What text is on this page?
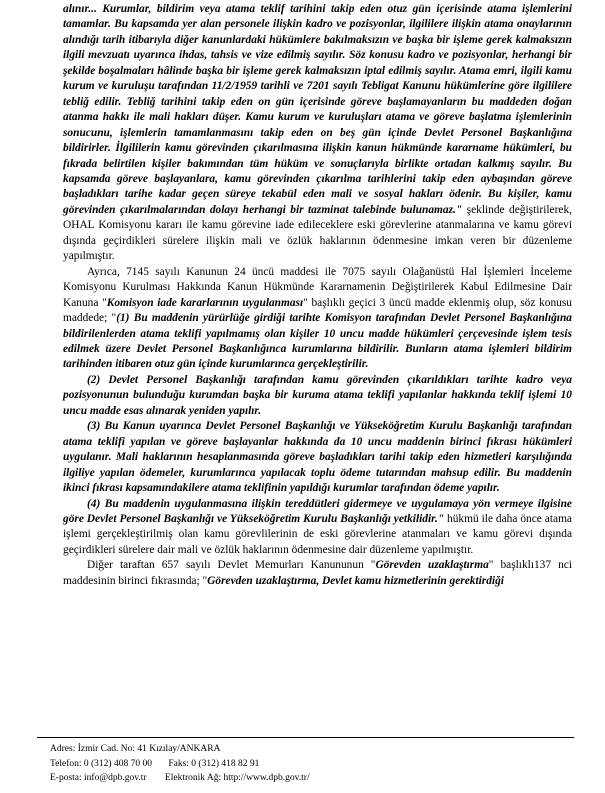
alınır... Kurumlar, bildirim veya atama teklif tarihini takip eden otuz gün içerisinde atama işlemlerini tamamlar. Bu kapsamda yer alan personele ilişkin kadro ve pozisyonlar, ilgililere ilişkin atama onaylarının alındığı tarih itibarıyla diğer kanunlardaki hükümlere bakılmaksızın ve başka bir işleme gerek kalmaksızın ilgili mevzuatı uyarınca ihdas, tahsis ve vize edilmiş sayılır. Söz konusu kadro ve pozisyonlar, herhangi bir şekilde boşalmaları hâlinde başka bir işleme gerek kalmaksızın iptal edilmiş sayılır. Atama emri, ilgili kamu kurum ve kuruluşu tarafından 11/2/1959 tarihli ve 7201 sayılı Tebligat Kanunu hükümlerine göre ilgililere tebliğ edilir. Tebliğ tarihini takip eden on gün içerisinde göreve başlamayanların bu maddeden doğan atanma hakkı ile mali hakları düşer. Kamu kurum ve kuruluşları atama ve göreve başlatma işlemlerinin sonucunu, işlemlerin tamamlanmasını takip eden on beş gün içinde Devlet Personel Başkanlığına bildirirler. İlgililerin kamu görevinden çıkarılmasına ilişkin kanun hükmünde kararname hükümleri, bu fıkrada belirtilen kişiler bakımından tüm hüküm ve sonuçlarıyla birlikte ortadan kalkmış sayılır. Bu kapsamda göreve başlayanlara, kamu görevinden çıkarılma tarihlerini takip eden aybaşından göreve başladıkları tarihe kadar geçen süreye tekabül eden mali ve sosyal hakları ödenir. Bu kişiler, kamu görevinden çıkarılmalarından dolayı herhangi bir tazminat talebinde bulunamaz." şeklinde değiştirilerek, OHAL Komisyonu kararı ile kamu görevine iade edileceklere eski görevlerine atanmalarına ve kamu görevi dışında geçirdikleri sürelere ilişkin mali ve özlük haklarının ödenmesine imkan veren bir düzenleme yapılmıştır.

Ayrıca, 7145 sayılı Kanunun 24 üncü maddesi ile 7075 sayılı Olağanüstü Hal İşlemleri İnceleme Komisyonu Kurulması Hakkında Kanun Hükmünde Kararnamenin Değiştirilerek Kabul Edilmesine Dair Kanuna "Komisyon iade kararlarının uygulanması" başlıklı geçici 3 üncü madde eklenmiş olup, söz konusu maddede; "(1) Bu maddenin yürürlüğe girdiği tarihte Komisyon tarafından Devlet Personel Başkanlığına bildirilenlerden atama teklifi yapılmamış olan kişiler 10 uncu madde hükümleri çerçevesinde işlem tesis edilmek üzere Devlet Personel Başkanlığınca kurumlarına bildirilir. Bunların atama işlemleri bildirim tarihinden itibaren otuz gün içinde kurumlarınca gerçekleştirilir.

(2) Devlet Personel Başkanlığı tarafından kamu görevinden çıkarıldıkları tarihte kadro veya pozisyonunun bulunduğu kurumdan başka bir kuruma atama teklifi yapılanlar hakkında teklif işlemi 10 uncu madde esas alınarak yeniden yapılır.

(3) Bu Kanun uyarınca Devlet Personel Başkanlığı ve Yükseköğretim Kurulu Başkanlığı tarafından atama teklifi yapılan ve göreve başlayanlar hakkında da 10 uncu maddenin birinci fıkrası hükümleri uygulanır. Mali haklarının hesaplanmasında göreve başladıkları tarihi takip eden hizmetleri karşılığında ilgiliye yapılan ödemeler, kurumlarınca yapılacak toplu ödeme tutarından mahsup edilir. Bu maddenin ikinci fıkrası kapsamındakilere atama teklifinin yapıldığı kurumlar tarafından ödeme yapılır.

(4) Bu maddenin uygulanmasına ilişkin tereddütleri gidermeye ve uygulamaya yön vermeye ilgisine göre Devlet Personel Başkanlığı ve Yükseköğretim Kurulu Başkanlığı yetkilidir." hükmü ile daha önce atama işlemi gerçekleştirilmiş olan kamu görevlilerinin de eski görevlerine atanmaları ve kamu görevi dışında geçirdikleri sürelere dair mali ve özlük haklarının ödenmesine dair düzenleme yapılmıştır.

Diğer taraftan 657 sayılı Devlet Memurları Kanununun "Görevden uzaklaştırma" başlıklı137 nci maddesinin birinci fıkrasında; "Görevden uzaklaştırma, Devlet kamu hizmetlerinin gerektirdiği

Adres: İzmir Cad. No: 41 Kızılay/ANKARA
Telefon: 0 (312) 408 70 00 Faks: 0 (312) 418 82 91
E-posta: info@dpb.gov.tr Elektronik Ağ: http://www.dpb.gov.tr/
